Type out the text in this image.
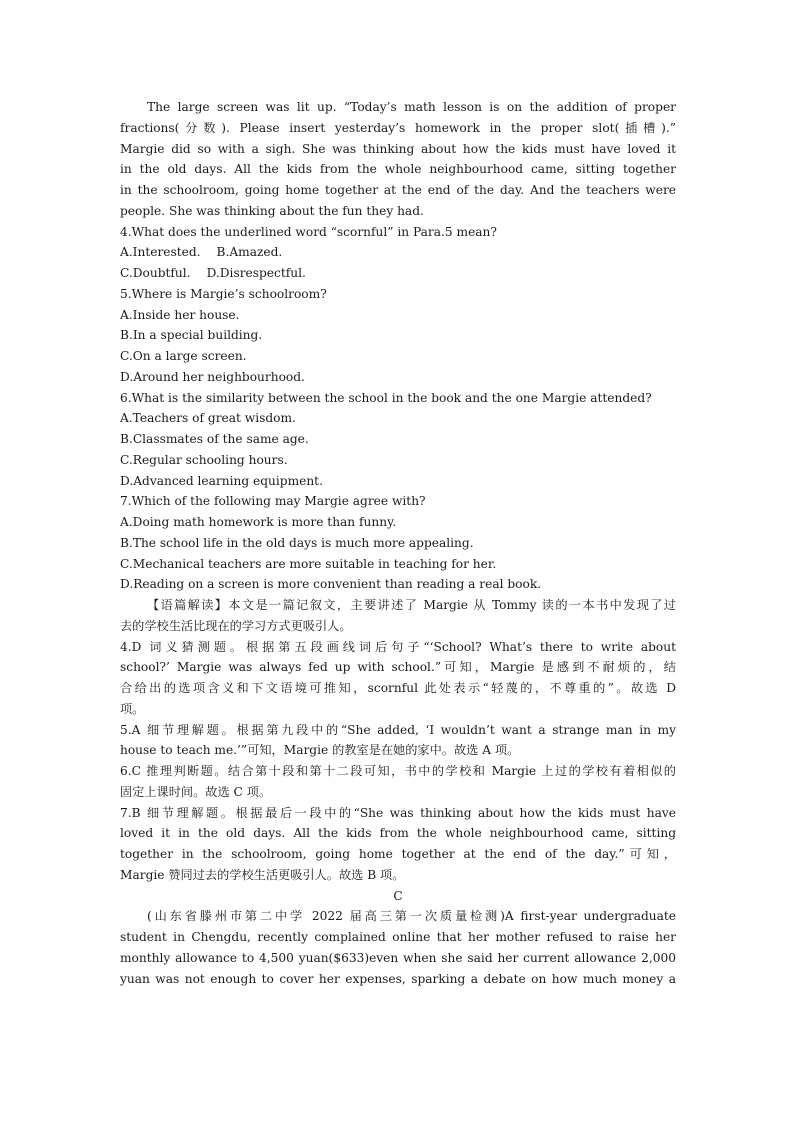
The large screen was lit up. “Today’s math lesson is on the addition of proper
fractions(分数). Please insert yesterday’s homework in the proper slot(插槽).”
Margie did so with a sigh. She was thinking about how the kids must have loved it
in the old days. All the kids from the whole neighbourhood came, sitting together
in the schoolroom, going home together at the end of the day. And the teachers were
people. She was thinking about the fun they had.
4.What does the underlined word “scornful” in Para.5 mean?
A.Interested. B.Amazed.
C.Doubtful. D.Disrespectful.
5.Where is Margie’s schoolroom?
A.Inside her house.
B.In a special building.
C.On a large screen.
D.Around her neighbourhood.
6.What is the similarity between the school in the book and the one Margie attended?
A.Teachers of great wisdom.
B.Classmates of the same age.
C.Regular schooling hours.
D.Advanced learning equipment.
7.Which of the following may Margie agree with?
A.Doing math homework is more than funny.
B.The school life in the old days is much more appealing.
C.Mechanical teachers are more suitable in teaching for her.
D.Reading on a screen is more convenient than reading a real book.
【语篇解读】本文是一篇记叙文，主要讲述了 Margie 从 Tommy 读的一本书中发现了过
去的学校生活比现在的学习方式更吸引人。
4.D 词义猜测题。根据第五段画线词后句子“‘School? What’s there to write about
school?’ Margie was always fed up with school.”可知，Margie 是感到不耐烦的，结
合给出的选项含义和下文语境可推知，scornful 此处表示“轻蔑的，不尊重的”。故选 D
项。
5.A 细节理解题。根据第九段中的“She added, ‘I wouldn’t want a strange man in my
house to teach me.’”可知，Margie 的教室是在她的家中。故选 A 项。
6.C 推理判断题。结合第十段和第十二段可知，书中的学校和 Margie 上过的学校有着相似的
固定上课时间。故选 C 项。
7.B 细节理解题。根据最后一段中的“She was thinking about how the kids must have
loved it in the old days. All the kids from the whole neighbourhood came, sitting
together in the schoolroom, going home together at the end of the day.”可知，
Margie 赞同过去的学校生活更吸引人。故选 B 项。
C
(山东省滕州市第二中学 2022 届高三第一次质量检测)A first-year undergraduate
student in Chengdu, recently complained online that her mother refused to raise her
monthly allowance to 4,500 yuan($633)even when she said her current allowance 2,000
yuan was not enough to cover her expenses, sparking a debate on how much money a
